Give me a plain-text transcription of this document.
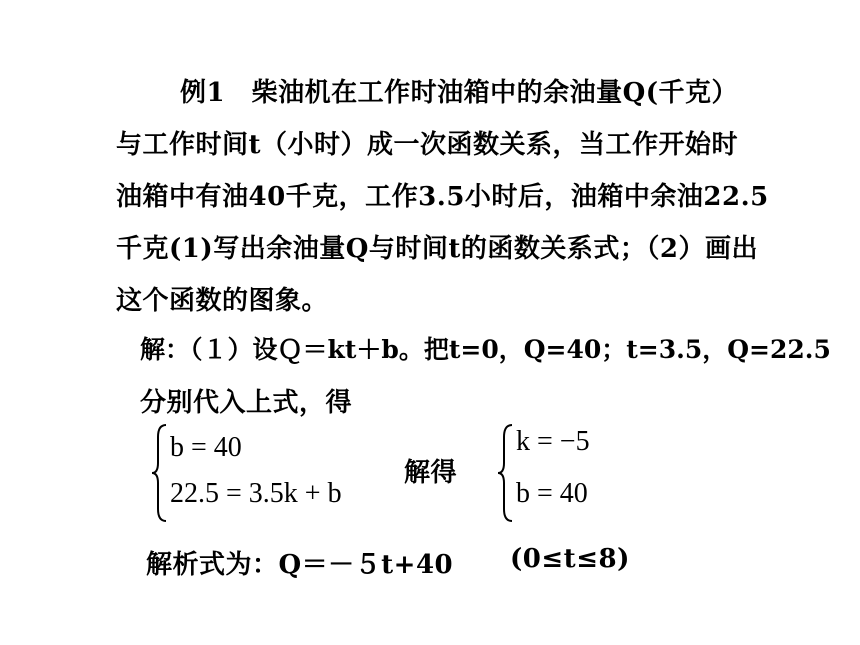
例1　柴油机在工作时油箱中的余油量Q(千克）
与工作时间t（小时）成一次函数关系，当工作开始时
油箱中有油40千克，工作3.5小时后，油箱中余油22.5
千克(1)写出余油量Q与时间t的函数关系式；（2）画出
这个函数的图象。
解：（１）设Ｑ＝kt＋b。把t=0，Q=40；t=3.5，Q=22.5
分别代入上式，得
b = 40
22.5 = 3.5k + b
解得
k = −5
b = 40
解析式为：Q＝－５t+40 (0≤t≤8)
